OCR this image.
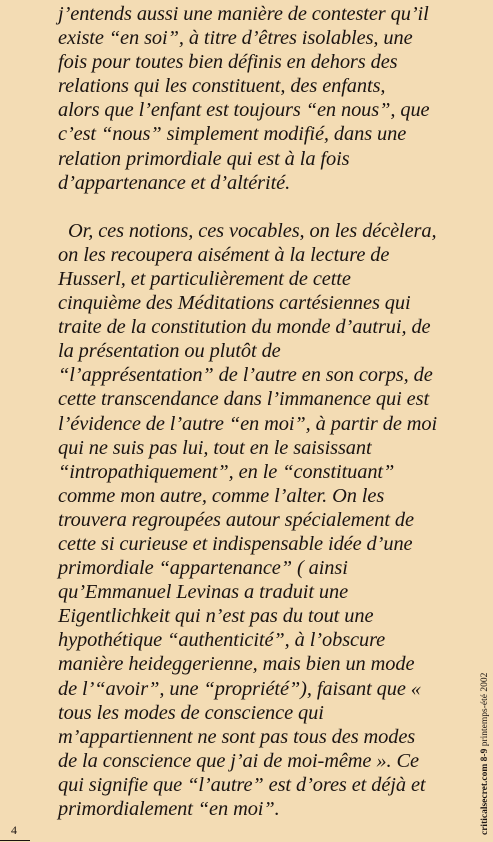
j’entends aussi une manière de contester qu’il
existe “en soi”, à titre d’êtres isolables, une
fois pour toutes bien définis en dehors des
relations qui les constituent, des enfants,
alors que l’enfant est toujours “en nous”, que
c’est “nous” simplement modifié, dans une
relation primordiale qui est à la fois
d’appartenance et d’altérité.
Or, ces notions, ces vocables, on les décèlera,
on les recoupera aisément à la lecture de
Husserl, et particulièrement de cette
cinquième des Méditations cartésiennes qui
traite de la constitution du monde d’autrui, de
la présentation ou plutôt de
“l’apprésentation” de l’autre en son corps, de
cette transcendance dans l’immanence qui est
l’évidence de l’autre “en moi”, à partir de moi
qui ne suis pas lui, tout en le saisissant
“intropathiquement”, en le “constituant”
comme mon autre, comme l’alter. On les
trouvera regroupées autour spécialement de
cette si curieuse et indispensable idée d’une
primordiale “appartenance” ( ainsi
qu’Emmanuel Levinas a traduit une
Eigentlichkeit qui n’est pas du tout une
hypothétique “authenticité”, à l’obscure
manière heideggerienne, mais bien un mode
de l’“avoir”, une “propriété”), faisant que «
tous les modes de conscience qui
m’appartiennent ne sont pas tous des modes
de la conscience que j’ai de moi-même ». Ce
qui signifie que “l’autre” est d’ores et déjà et
primordialement “en moi”.	criticalsecret.com 8-9 printemps-été 2002
4
